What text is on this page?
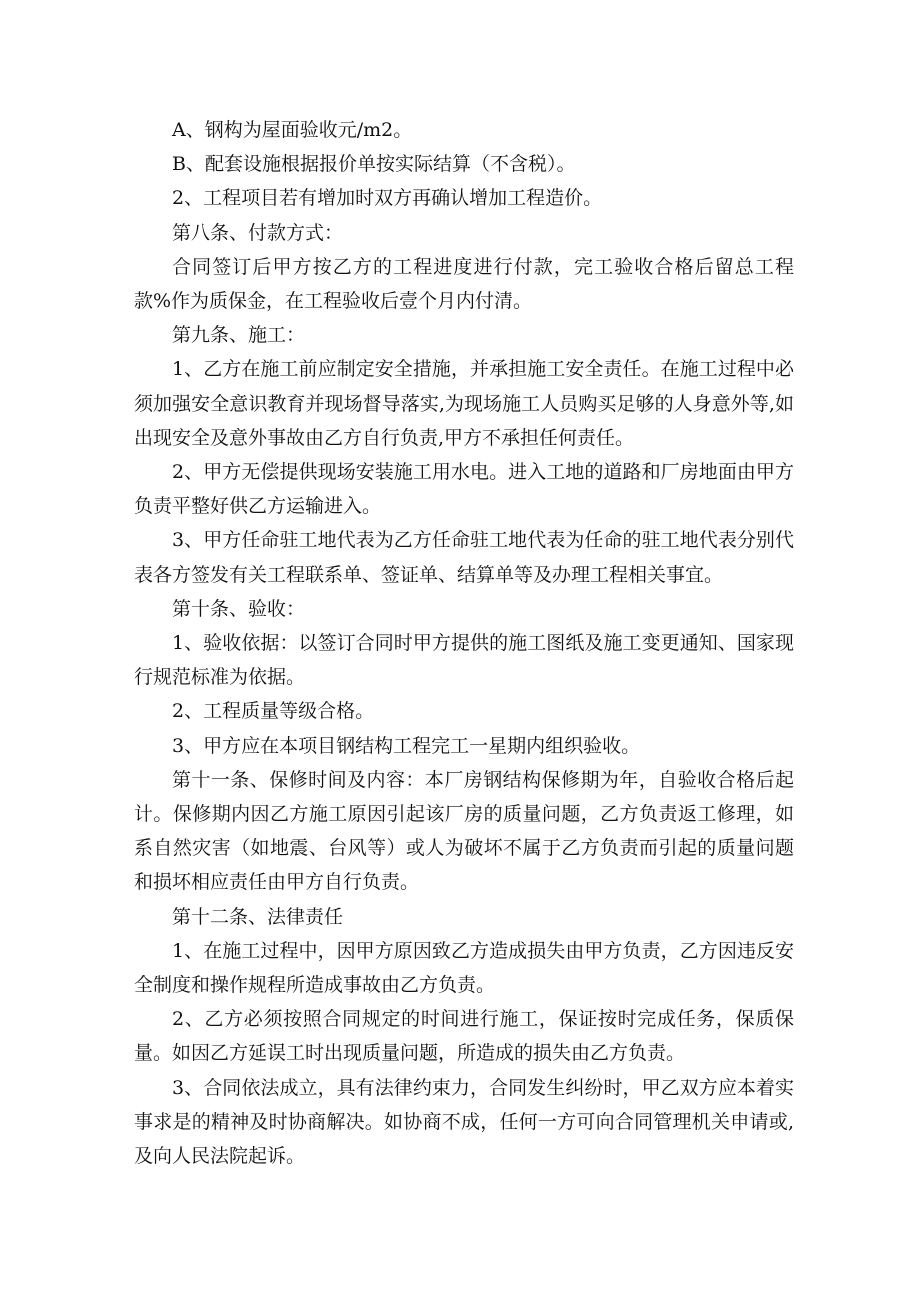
A、钢构为屋面验收元/m2。

B、配套设施根据报价单按实际结算（不含税）。

2、工程项目若有增加时双方再确认增加工程造价。

第八条、付款方式：

合同签订后甲方按乙方的工程进度进行付款，完工验收合格后留总工程款%作为质保金，在工程验收后壹个月内付清。

第九条、施工：

1、乙方在施工前应制定安全措施，并承担施工安全责任。在施工过程中必须加强安全意识教育并现场督导落实,为现场施工人员购买足够的人身意外等,如出现安全及意外事故由乙方自行负责,甲方不承担任何责任。

2、甲方无偿提供现场安装施工用水电。进入工地的道路和厂房地面由甲方负责平整好供乙方运输进入。

3、甲方任命驻工地代表为乙方任命驻工地代表为任命的驻工地代表分别代表各方签发有关工程联系单、签证单、结算单等及办理工程相关事宜。

第十条、验收：

1、验收依据：以签订合同时甲方提供的施工图纸及施工变更通知、国家现行规范标准为依据。

2、工程质量等级合格。

3、甲方应在本项目钢结构工程完工一星期内组织验收。

第十一条、保修时间及内容：本厂房钢结构保修期为年，自验收合格后起计。保修期内因乙方施工原因引起该厂房的质量问题，乙方负责返工修理，如系自然灾害（如地震、台风等）或人为破坏不属于乙方负责而引起的质量问题和损坏相应责任由甲方自行负责。

第十二条、法律责任

1、在施工过程中，因甲方原因致乙方造成损失由甲方负责，乙方因违反安全制度和操作规程所造成事故由乙方负责。

2、乙方必须按照合同规定的时间进行施工，保证按时完成任务，保质保量。如因乙方延误工时出现质量问题，所造成的损失由乙方负责。

3、合同依法成立，具有法律约束力，合同发生纠纷时，甲乙双方应本着实事求是的精神及时协商解决。如协商不成，任何一方可向合同管理机关申请或,及向人民法院起诉。
